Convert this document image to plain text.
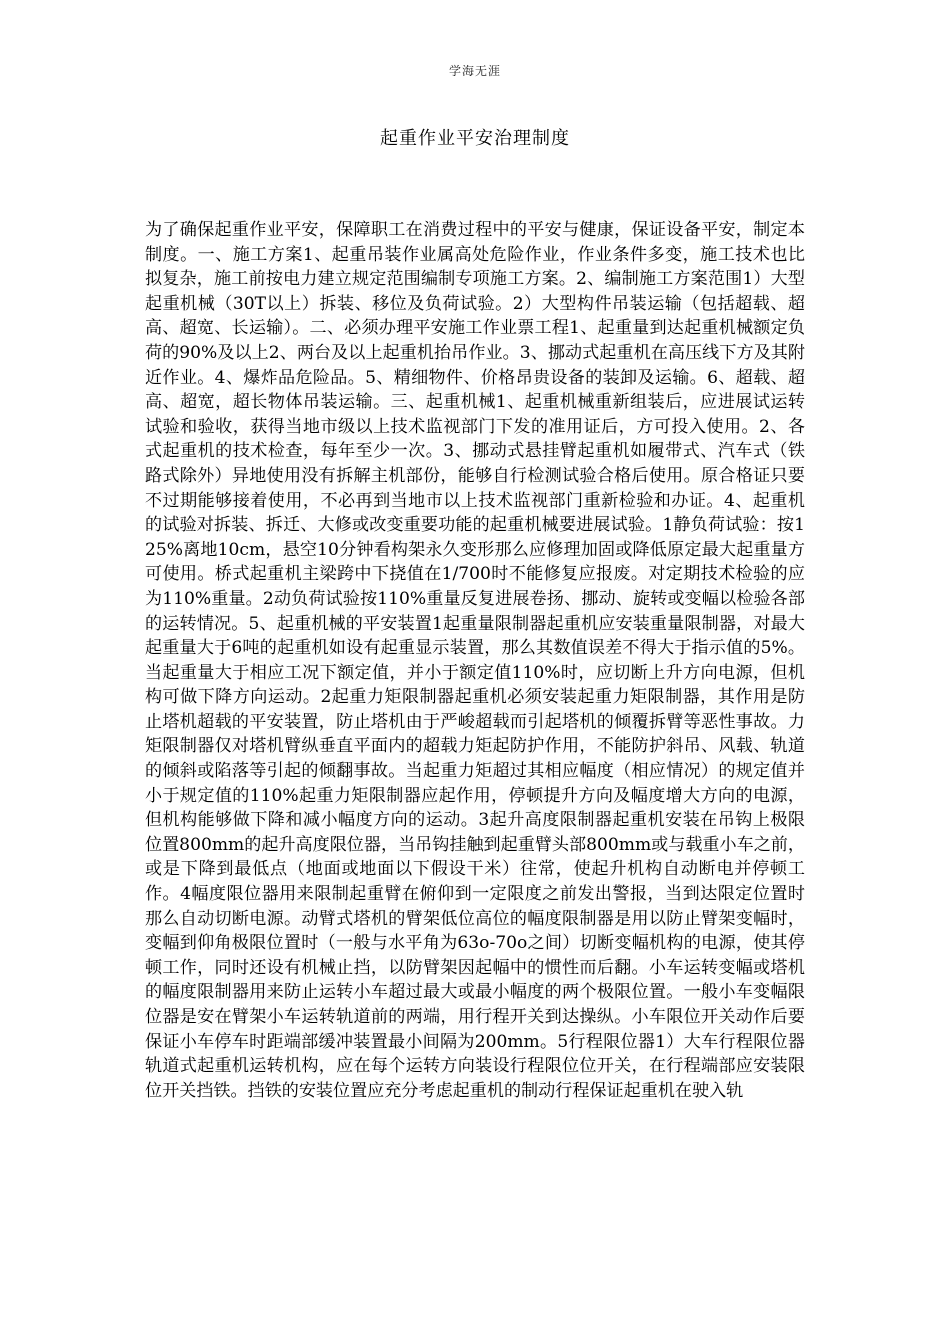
学海无涯
起重作业平安治理制度

为了确保起重作业平安，保障职工在消费过程中的平安与健康，保证设备平安，制定本制度。一、施工方案1、起重吊装作业属高处危险作业，作业条件多变，施工技术也比拟复杂，施工前按电力建立规定范围编制专项施工方案。2、编制施工方案范围1）大型起重机械（30T以上）拆装、移位及负荷试验。2）大型构件吊装运输（包括超载、超高、超宽、长运输）。二、必须办理平安施工作业票工程1、起重量到达起重机械额定负荷的90%及以上2、两台及以上起重机抬吊作业。3、挪动式起重机在高压线下方及其附近作业。4、爆炸品危险品。5、精细物件、价格昂贵设备的装卸及运输。6、超载、超高、超宽，超长物体吊装运输。三、起重机械1、起重机械重新组装后，应进展试运转试验和验收，获得当地市级以上技术监视部门下发的准用证后，方可投入使用。2、各式起重机的技术检查，每年至少一次。3、挪动式悬挂臂起重机如履带式、汽车式（铁路式除外）异地使用没有拆解主机部份，能够自行检测试验合格后使用。原合格证只要不过期能够接着使用，不必再到当地市以上技术监视部门重新检验和办证。4、起重机的试验对拆装、拆迁、大修或改变重要功能的起重机械要进展试验。1静负荷试验：按125%离地10cm，悬空10分钟看构架永久变形那么应修理加固或降低原定最大起重量方可使用。桥式起重机主梁跨中下挠值在1/700时不能修复应报废。对定期技术检验的应为110%重量。2动负荷试验按110%重量反复进展卷扬、挪动、旋转或变幅以检验各部的运转情况。5、起重机械的平安装置1起重量限制器起重机应安装重量限制器，对最大起重量大于6吨的起重机如设有起重显示装置，那么其数值误差不得大于指示值的5%。当起重量大于相应工况下额定值，并小于额定值110%时，应切断上升方向电源，但机构可做下降方向运动。2起重力矩限制器起重机必须安装起重力矩限制器，其作用是防止塔机超载的平安装置，防止塔机由于严峻超载而引起塔机的倾覆拆臂等恶性事故。力矩限制器仅对塔机臂纵垂直平面内的超载力矩起防护作用，不能防护斜吊、风载、轨道的倾斜或陷落等引起的倾翻事故。当起重力矩超过其相应幅度（相应情况）的规定值并小于规定值的110%起重力矩限制器应起作用，停顿提升方向及幅度增大方向的电源，但机构能够做下降和减小幅度方向的运动。3起升高度限制器起重机安装在吊钩上极限位置800mm的起升高度限位器，当吊钩挂触到起重臂头部800mm或与载重小车之前，或是下降到最低点（地面或地面以下假设干米）往常，使起升机构自动断电并停顿工作。4幅度限位器用来限制起重臂在俯仰到一定限度之前发出警报，当到达限定位置时那么自动切断电源。动臂式塔机的臂架低位高位的幅度限制器是用以防止臂架变幅时，变幅到仰角极限位置时（一般与水平角为63o-70o之间）切断变幅机构的电源，使其停顿工作，同时还设有机械止挡，以防臂架因起幅中的惯性而后翻。小车运转变幅或塔机的幅度限制器用来防止运转小车超过最大或最小幅度的两个极限位置。一般小车变幅限位器是安在臂架小车运转轨道前的两端，用行程开关到达操纵。小车限位开关动作后要保证小车停车时距端部缓冲装置最小间隔为200mm。5行程限位器1）大车行程限位器轨道式起重机运转机构，应在每个运转方向装设行程限位位开关，在行程端部应安装限位开关挡铁。挡铁的安装位置应充分考虑起重机的制动行程保证起重机在驶入轨
